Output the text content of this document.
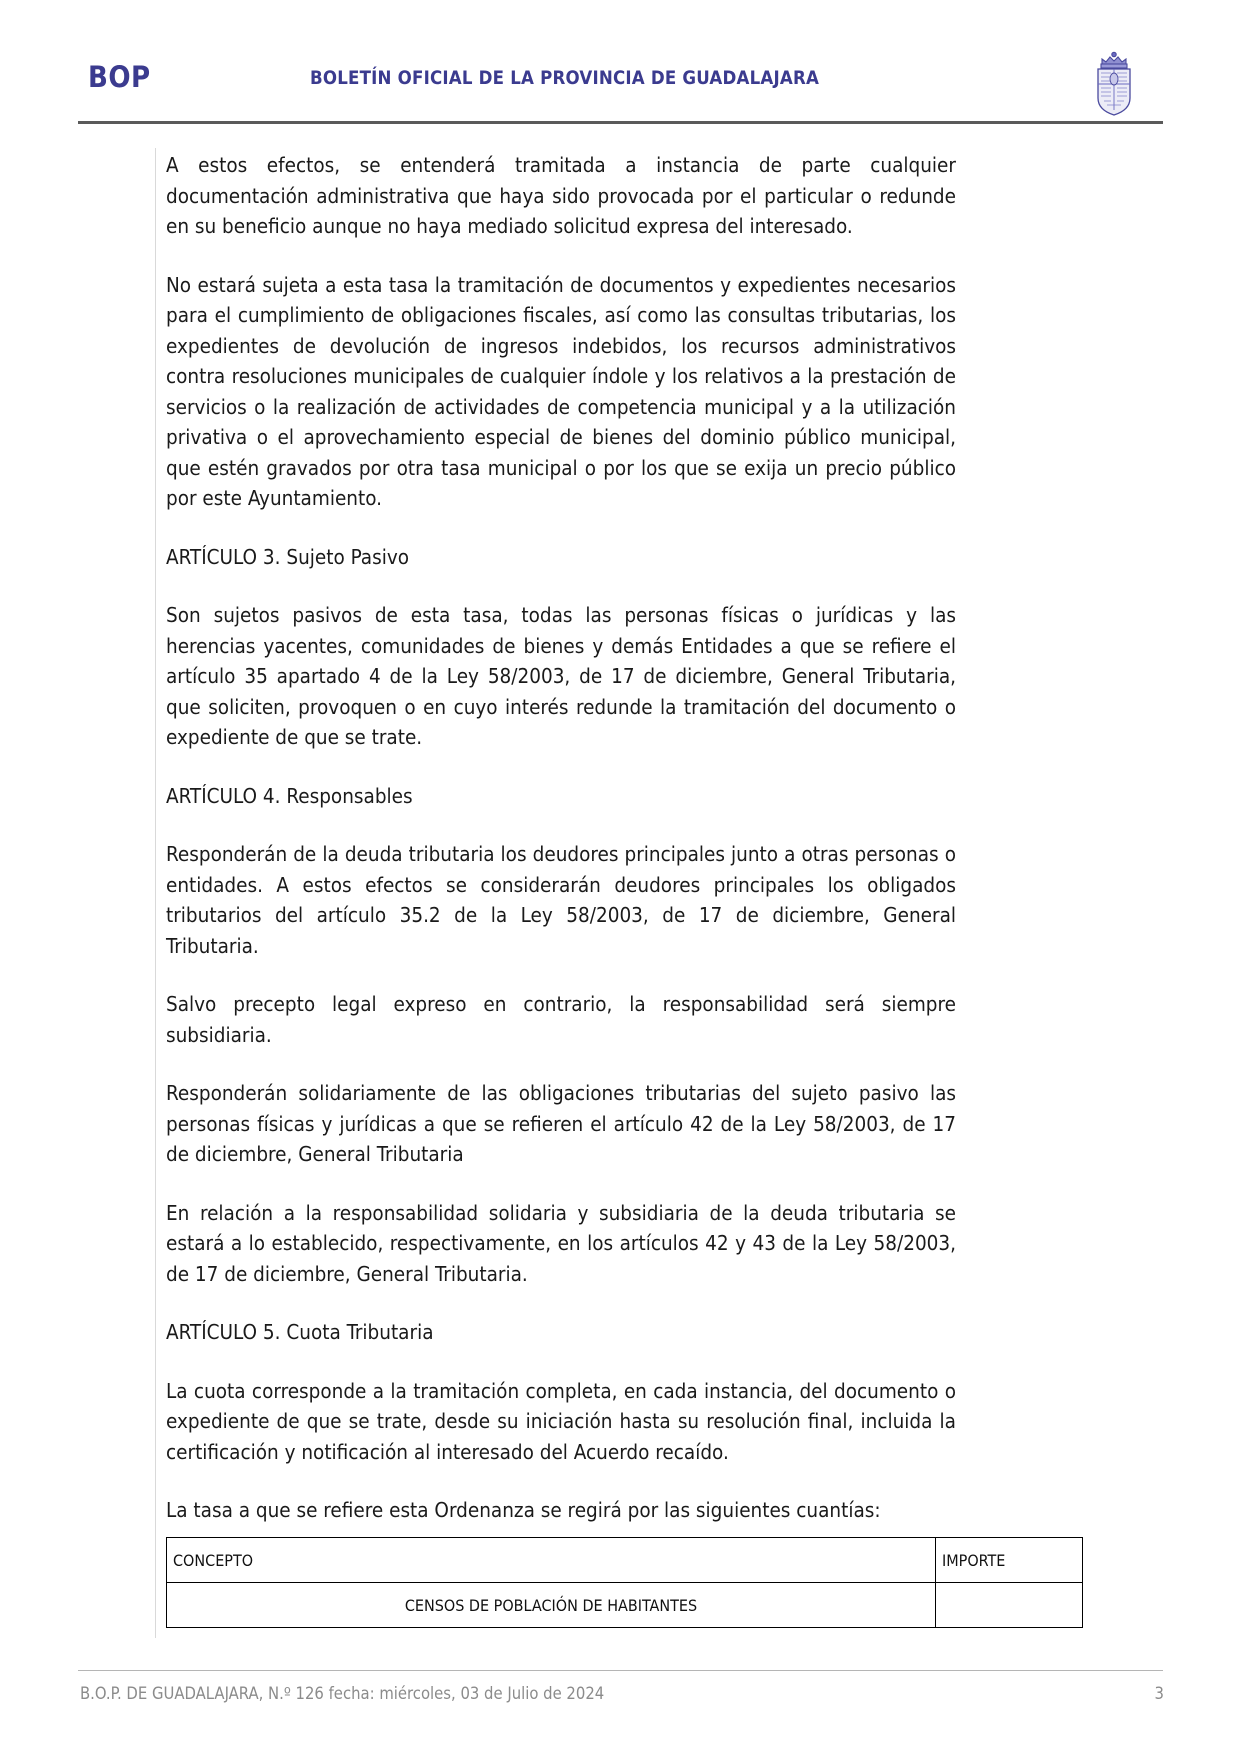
BOP	BOLETÍN OFICIAL DE LA PROVINCIA DE GUADALAJARA

A estos efectos, se entenderá tramitada a instancia de parte cualquier documentación administrativa que haya sido provocada por el particular o redunde en su beneficio aunque no haya mediado solicitud expresa del interesado.

No estará sujeta a esta tasa la tramitación de documentos y expedientes necesarios para el cumplimiento de obligaciones fiscales, así como las consultas tributarias, los expedientes de devolución de ingresos indebidos, los recursos administrativos contra resoluciones municipales de cualquier índole y los relativos a la prestación de servicios o la realización de actividades de competencia municipal y a la utilización privativa o el aprovechamiento especial de bienes del dominio público municipal, que estén gravados por otra tasa municipal o por los que se exija un precio público por este Ayuntamiento.

ARTÍCULO 3. Sujeto Pasivo

Son sujetos pasivos de esta tasa, todas las personas físicas o jurídicas y las herencias yacentes, comunidades de bienes y demás Entidades a que se refiere el artículo 35 apartado 4 de la Ley 58/2003, de 17 de diciembre, General Tributaria, que soliciten, provoquen o en cuyo interés redunde la tramitación del documento o expediente de que se trate.

ARTÍCULO 4. Responsables

Responderán de la deuda tributaria los deudores principales junto a otras personas o entidades. A estos efectos se considerarán deudores principales los obligados tributarios del artículo 35.2 de la Ley 58/2003, de 17 de diciembre, General Tributaria.

Salvo precepto legal expreso en contrario, la responsabilidad será siempre subsidiaria.

Responderán solidariamente de las obligaciones tributarias del sujeto pasivo las personas físicas y jurídicas a que se refieren el artículo 42 de la Ley 58/2003, de 17 de diciembre, General Tributaria

En relación a la responsabilidad solidaria y subsidiaria de la deuda tributaria se estará a lo establecido, respectivamente, en los artículos 42 y 43 de la Ley 58/2003, de 17 de diciembre, General Tributaria.

ARTÍCULO 5. Cuota Tributaria

La cuota corresponde a la tramitación completa, en cada instancia, del documento o expediente de que se trate, desde su iniciación hasta su resolución final, incluida la certificación y notificación al interesado del Acuerdo recaído.

La tasa a que se refiere esta Ordenanza se regirá por las siguientes cuantías:

CONCEPTO	IMPORTE
CENSOS DE POBLACIÓN DE HABITANTES	
B.O.P. DE GUADALAJARA, N.º 126 fecha: miércoles, 03 de Julio de 2024	3
